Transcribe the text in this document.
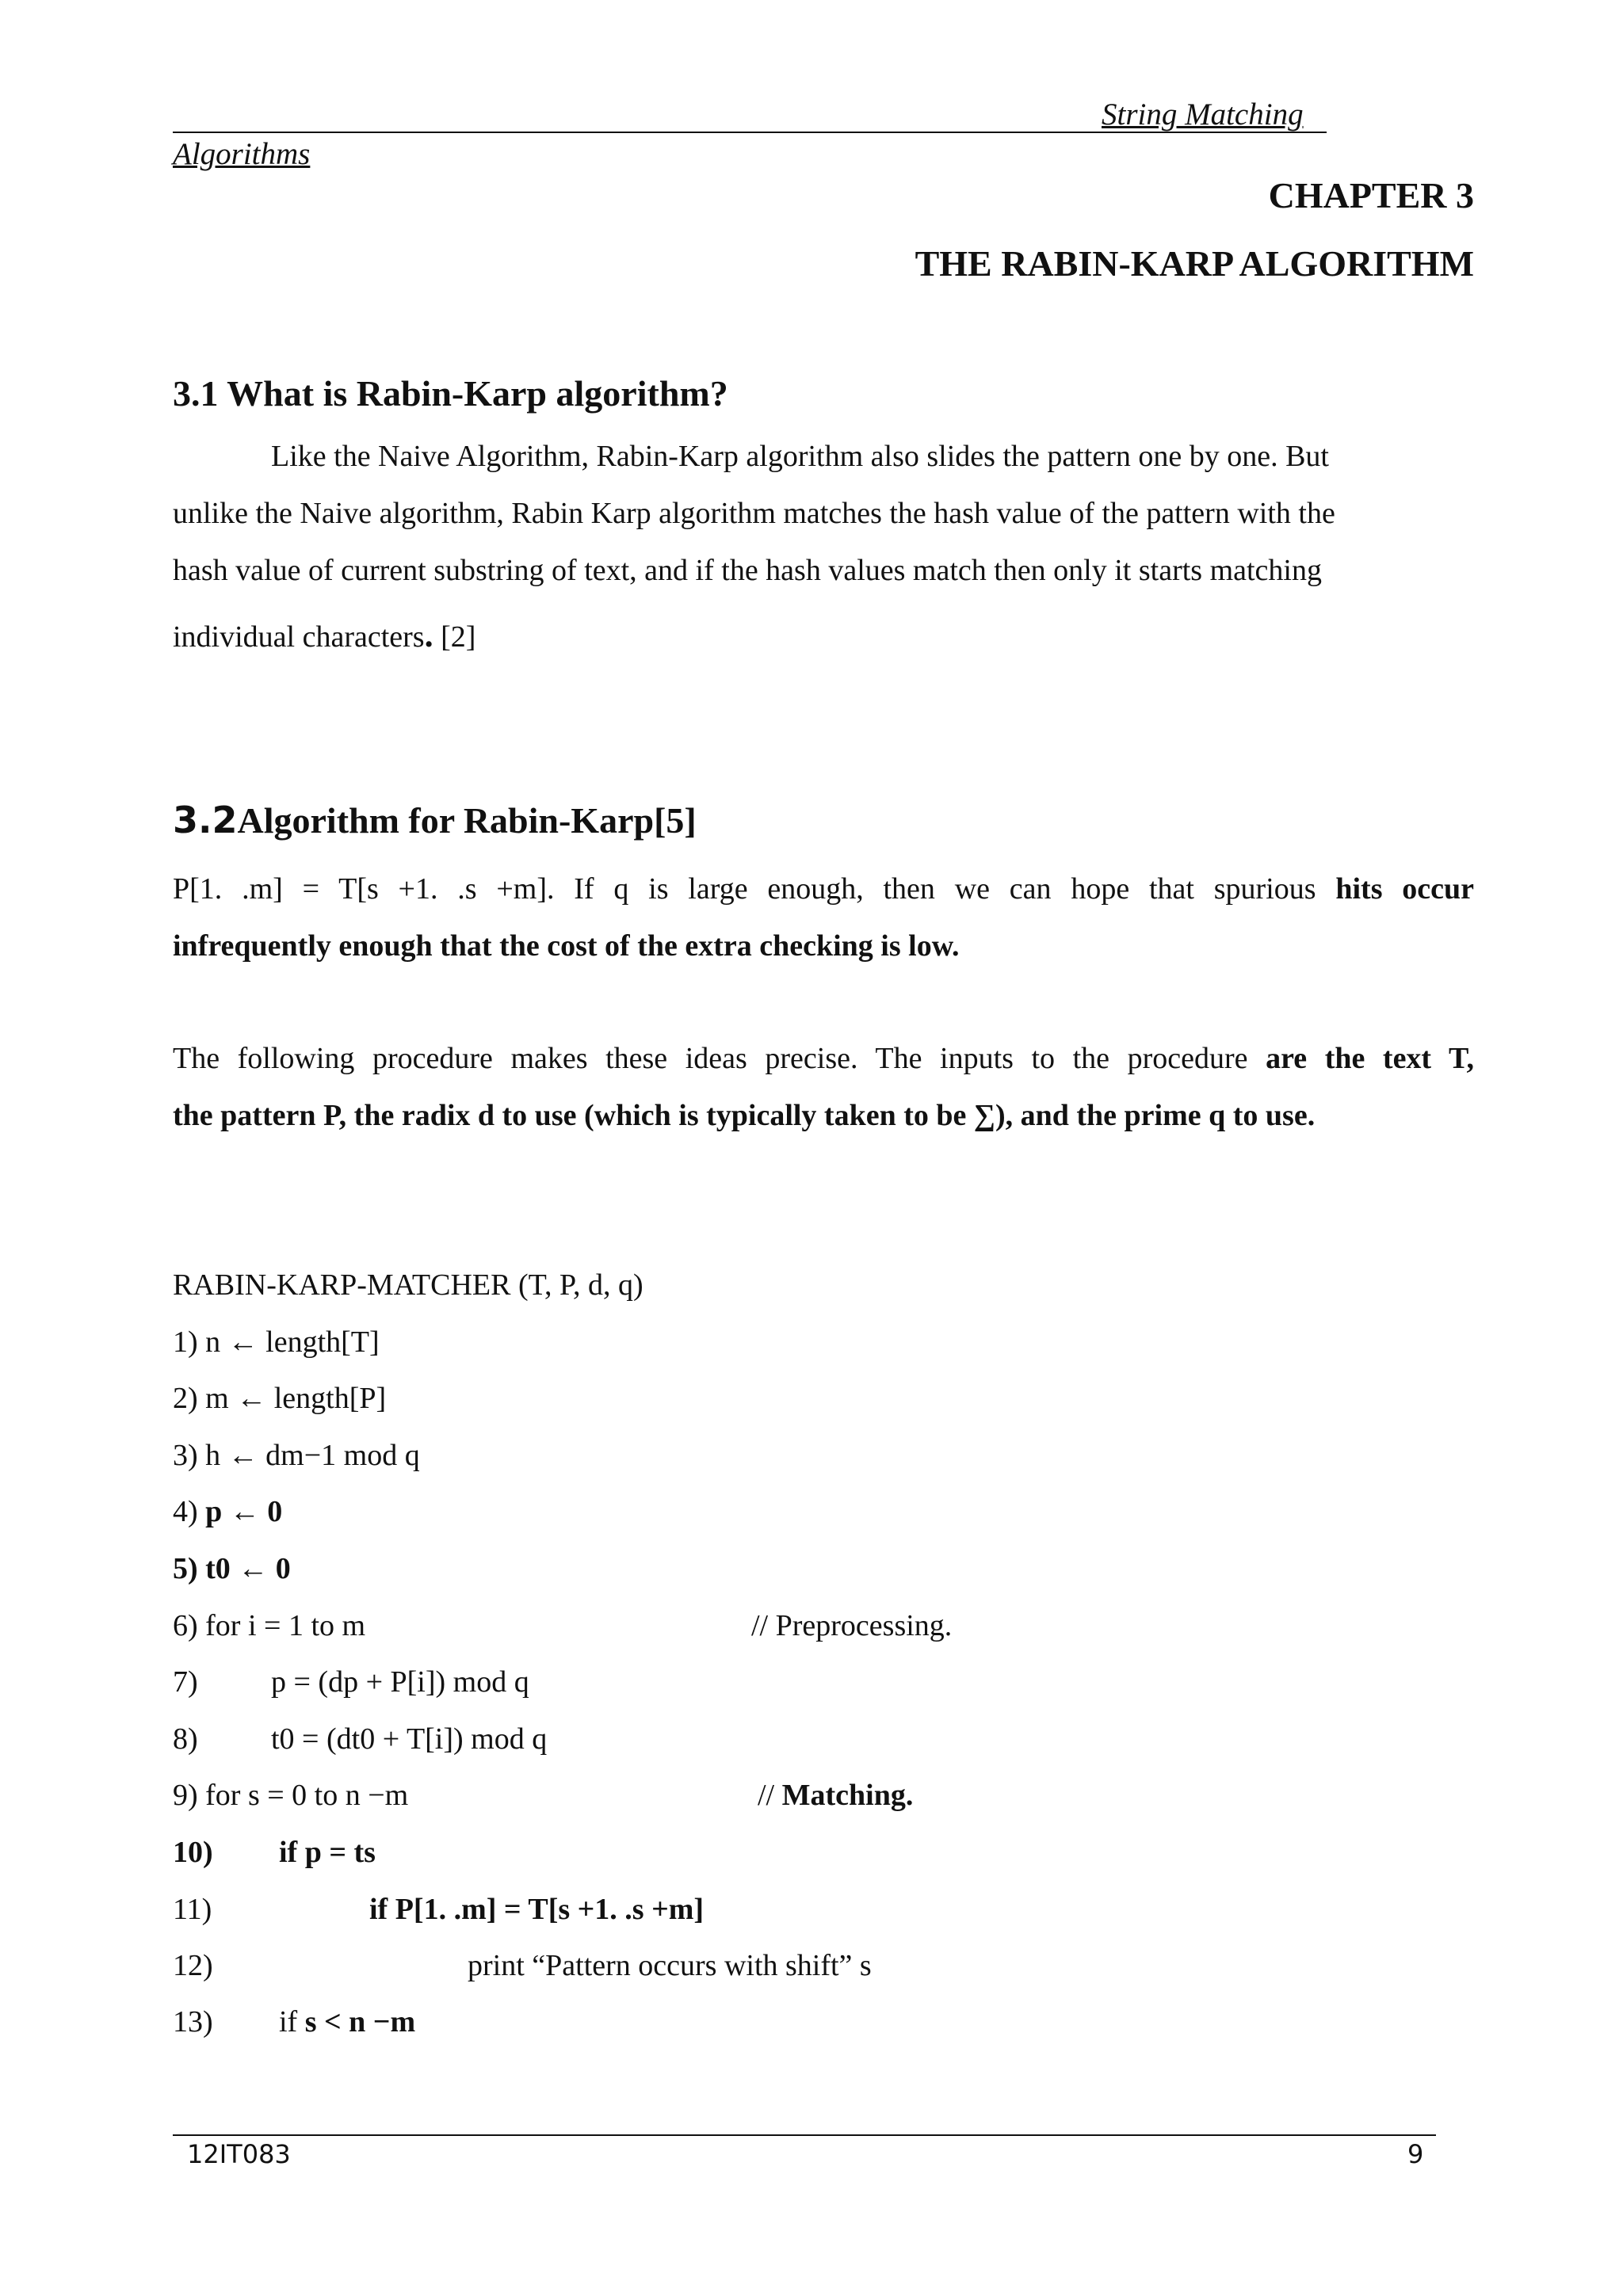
String Matching
Algorithms
CHAPTER 3
THE RABIN-KARP ALGORITHM
3.1 What is Rabin-Karp algorithm?
Like the Naive Algorithm, Rabin-Karp algorithm also slides the pattern one by one. But
unlike the Naive algorithm, Rabin Karp algorithm matches the hash value of the pattern with the
hash value of current substring of text, and if the hash values match then only it starts matching
individual characters. [2]
3.2Algorithm for Rabin-Karp[5]
P[1. .m] = T[s +1. .s +m]. If q is large enough, then we can hope that spurious hits occur
infrequently enough that the cost of the extra checking is low.
The following procedure makes these ideas precise. The inputs to the procedure are the text T,
the pattern P, the radix d to use (which is typically taken to be ∑), and the prime q to use.
RABIN-KARP-MATCHER (T, P, d, q)
1) n ← length[T]
2) m ← length[P]
3) h ← dm−1 mod q
4) p ← 0
5) t0 ← 0
6) for i = 1 to m	// Preprocessing.
7) p = (dp + P[i]) mod q
8) t0 = (dt0 + T[i]) mod q
9) for s = 0 to n −m	// Matching.
10) if p = ts
11)	if P[1. .m] = T[s +1. .s +m]
12)	print “Pattern occurs with shift” s
13) if s < n −m
12IT083	9
